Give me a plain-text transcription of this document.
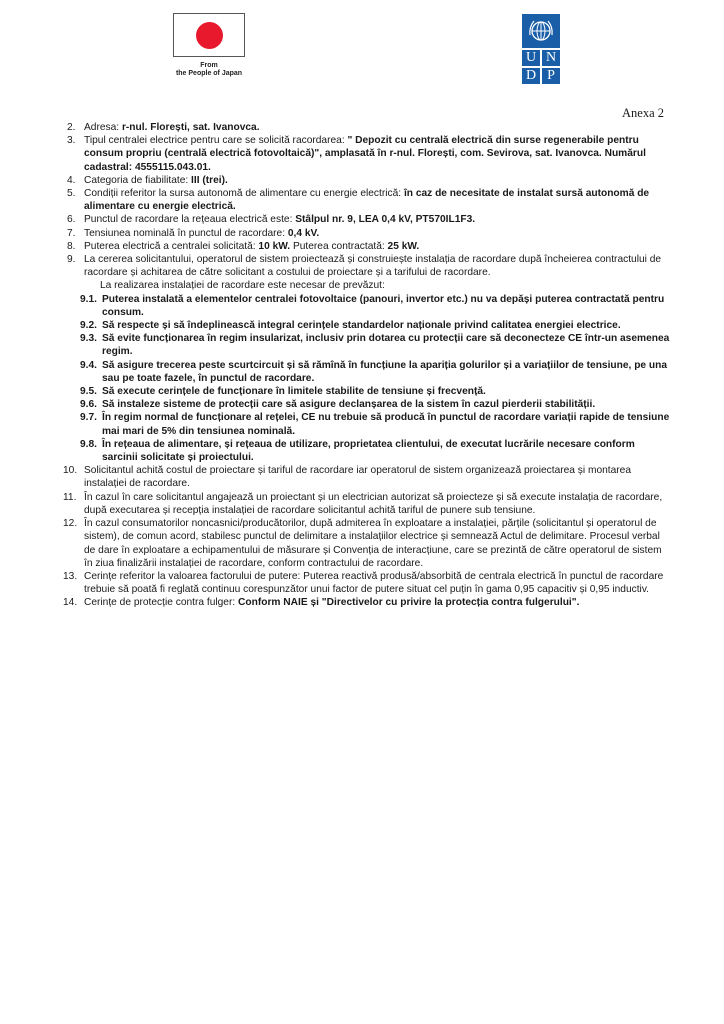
From
the People of Japan
U N
D P
Anexa 2
2. Adresa: r-nul. Florești, sat. Ivanovca.
3. Tipul centralei electrice pentru care se solicită racordarea: " Depozit cu centrală electrică din surse regenerabile pentru consum propriu (centrală electrică fotovoltaică)", amplasată în r-nul. Florești, com. Sevirova, sat. Ivanovca. Numărul cadastral: 4555115.043.01.
4. Categoria de fiabilitate: III (trei).
5. Condiții referitor la sursa autonomă de alimentare cu energie electrică: în caz de necesitate de instalat sursă autonomă de alimentare cu energie electrică.
6. Punctul de racordare la rețeaua electrică este: Stâlpul nr. 9, LEA 0,4 kV, PT570IL1F3.
7. Tensiunea nominală în punctul de racordare: 0,4 kV.
8. Puterea electrică a centralei solicitată: 10 kW. Puterea contractată: 25 kW.
9. La cererea solicitantului, operatorul de sistem proiectează și construiește instalația de racordare după încheierea contractului de racordare și achitarea de către solicitant a costului de proiectare și a tarifului de racordare.
La realizarea instalației de racordare este necesar de prevăzut:
9.1. Puterea instalată a elementelor centralei fotovoltaice (panouri, invertor etc.) nu va depăși puterea contractată pentru consum.
9.2. Să respecte și să îndeplinească integral cerințele standardelor naționale privind calitatea energiei electrice.
9.3. Să evite funcționarea în regim insularizat, inclusiv prin dotarea cu protecții care să deconecteze CE într-un asemenea regim.
9.4. Să asigure trecerea peste scurtcircuit și să rămînă în funcțiune la apariția golurilor și a variațiilor de tensiune, pe una sau pe toate fazele, în punctul de racordare.
9.5. Să execute cerințele de funcționare în limitele stabilite de tensiune și frecvență.
9.6. Să instaleze sisteme de protecții care să asigure declanșarea de la sistem în cazul pierderii stabilității.
9.7. În regim normal de funcționare al rețelei, CE nu trebuie să producă în punctul de racordare variații rapide de tensiune mai mari de 5% din tensiunea nominală.
9.8. În rețeaua de alimentare, și rețeaua de utilizare, proprietatea clientului, de executat lucrările necesare conform sarcinii solicitate și proiectului.
10. Solicitantul achită costul de proiectare și tariful de racordare iar operatorul de sistem organizează proiectarea și montarea instalației de racordare.
11. În cazul în care solicitantul angajează un proiectant și un electrician autorizat să proiecteze și să execute instalația de racordare, după executarea și recepția instalației de racordare solicitantul achită tariful de punere sub tensiune.
12. În cazul consumatorilor noncasnici/producătorilor, după admiterea în exploatare a instalației, părțile (solicitantul și operatorul de sistem), de comun acord, stabilesc punctul de delimitare a instalațiilor electrice și semnează Actul de delimitare. Procesul verbal de dare în exploatare a echipamentului de măsurare și Convenția de interacțiune, care se prezintă de către operatorul de sistem în ziua finalizării instalației de racordare, conform contractului de racordare.
13. Cerințe referitor la valoarea factorului de putere: Puterea reactivă produsă/absorbită de centrala electrică în punctul de racordare trebuie să poată fi reglată continuu corespunzător unui factor de putere situat cel puțin în gama 0,95 capacitiv și 0,95 inductiv.
14. Cerințe de protecție contra fulger: Conform NAIE și "Directivelor cu privire la protecția contra fulgerului".
